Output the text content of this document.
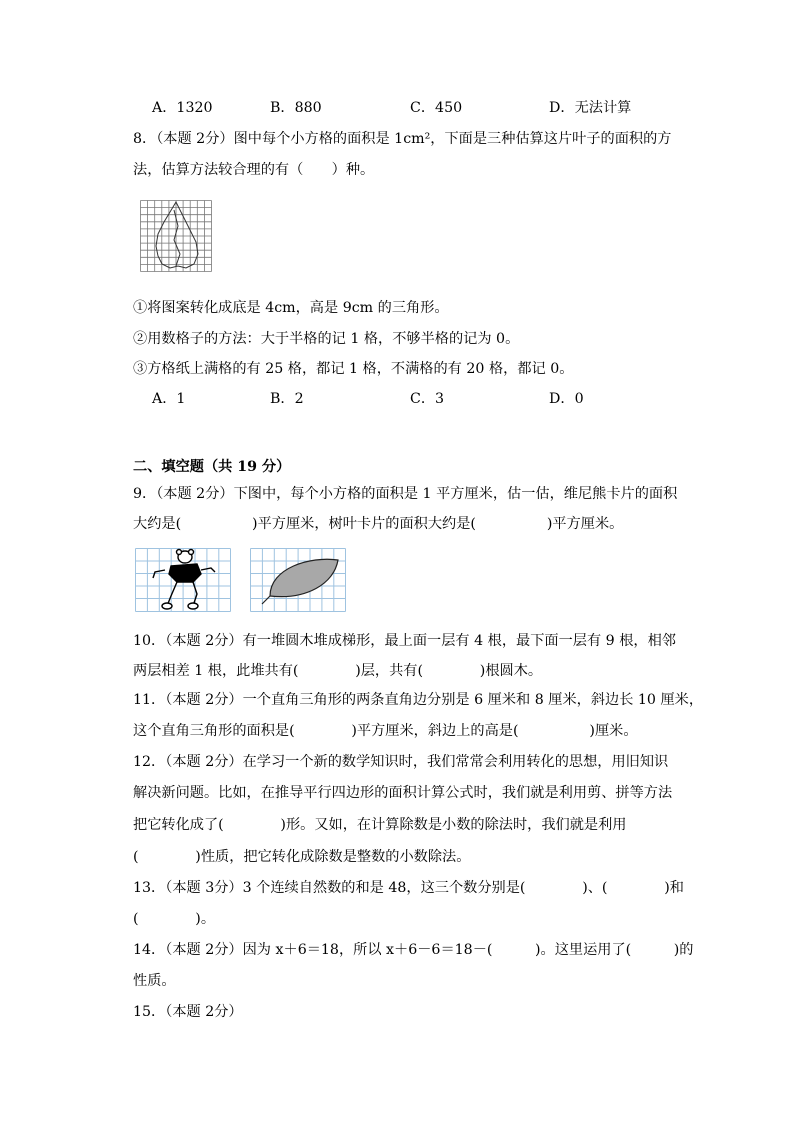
A．1320	B．880	C．450	D．无法计算
8．（本题 2分）图中每个小方格的面积是 1cm²，下面是三种估算这片叶子的面积的方
法，估算方法较合理的有（　　）种。
①将图案转化成底是 4cm，高是 9cm 的三角形。
②用数格子的方法：大于半格的记 1 格，不够半格的记为 0。
③方格纸上满格的有 25 格，都记 1 格，不满格的有 20 格，都记 0。
A．1	B．2	C．3	D．0
二、填空题（共 19 分）
9．（本题 2分）下图中，每个小方格的面积是 1 平方厘米，估一估，维尼熊卡片的面积
大约是(　　　　　)平方厘米，树叶卡片的面积大约是(　　　　　)平方厘米。
10．（本题 2分）有一堆圆木堆成梯形，最上面一层有 4 根，最下面一层有 9 根，相邻
两层相差 1 根，此堆共有(　　　　)层，共有(　　　　)根圆木。
11．（本题 2分）一个直角三角形的两条直角边分别是 6 厘米和 8 厘米，斜边长 10 厘米，
这个直角三角形的面积是(　　　　)平方厘米，斜边上的高是(　　　　　)厘米。
12．（本题 2分）在学习一个新的数学知识时，我们常常会利用转化的思想，用旧知识
解决新问题。比如，在推导平行四边形的面积计算公式时，我们就是利用剪、拼等方法
把它转化成了(　　　　)形。又如，在计算除数是小数的除法时，我们就是利用
(　　　　)性质，把它转化成除数是整数的小数除法。
13．（本题 3分）3 个连续自然数的和是 48，这三个数分别是(　　　　)、(　　　　)和
(　　　　)。
14．（本题 2分）因为 x＋6＝18，所以 x＋6－6＝18－(　　　)。这里运用了(　　　)的
性质。
15．（本题 2分）
